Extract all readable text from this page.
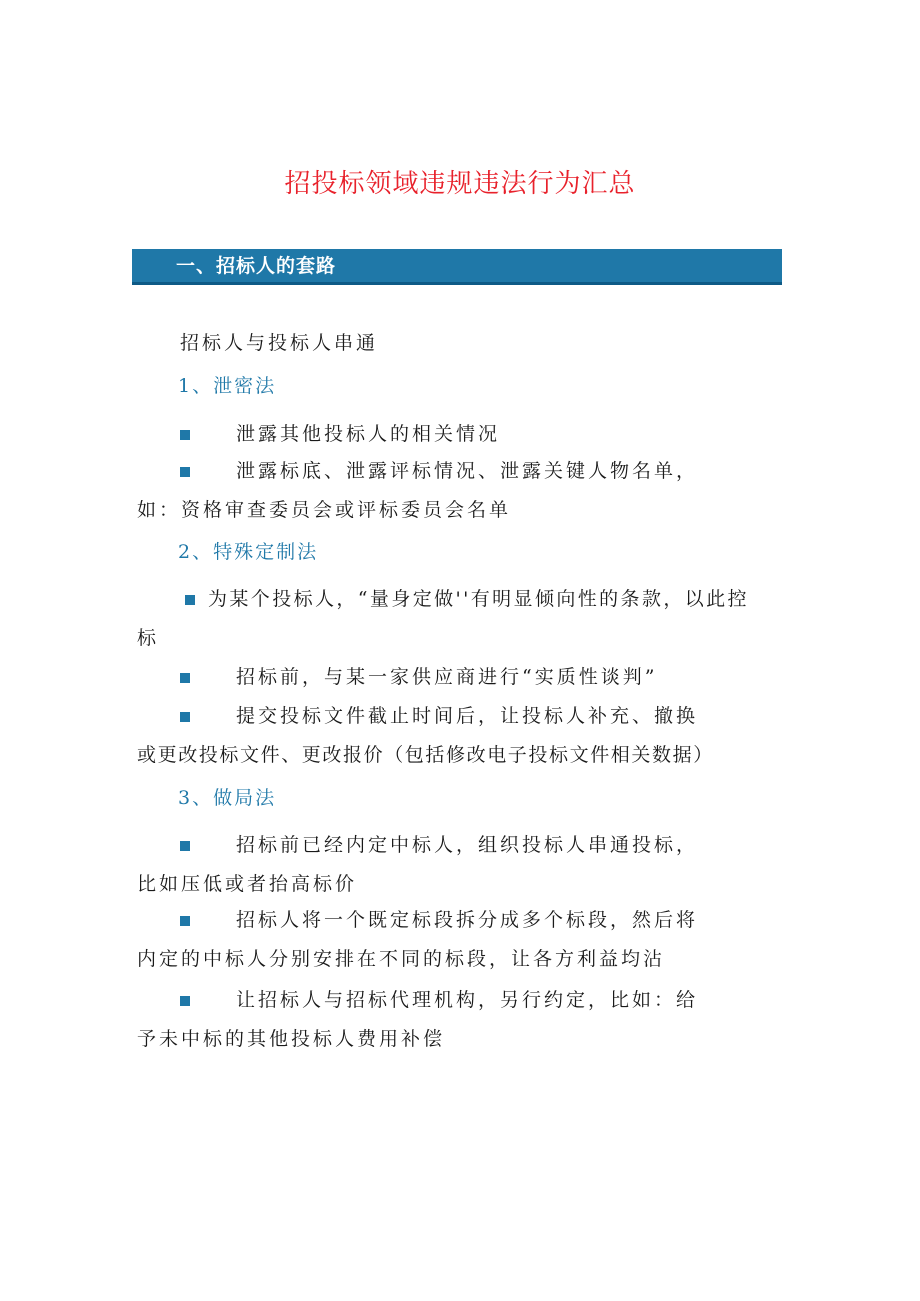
招投标领域违规违法行为汇总
一、招标人的套路
招标人与投标人串通
1、泄密法
泄露其他投标人的相关情况
泄露标底、泄露评标情况、泄露关键人物名单，
如：资格审查委员会或评标委员会名单
2、特殊定制法
为某个投标人，“量身定做''有明显倾向性的条款，以此控
标
招标前，与某一家供应商进行“实质性谈判”
提交投标文件截止时间后，让投标人补充、撤换
或更改投标文件、更改报价（包括修改电子投标文件相关数据）
3、做局法
招标前已经内定中标人，组织投标人串通投标，
比如压低或者抬高标价
招标人将一个既定标段拆分成多个标段，然后将
内定的中标人分别安排在不同的标段，让各方利益均沾
让招标人与招标代理机构，另行约定，比如：给
予未中标的其他投标人费用补偿
